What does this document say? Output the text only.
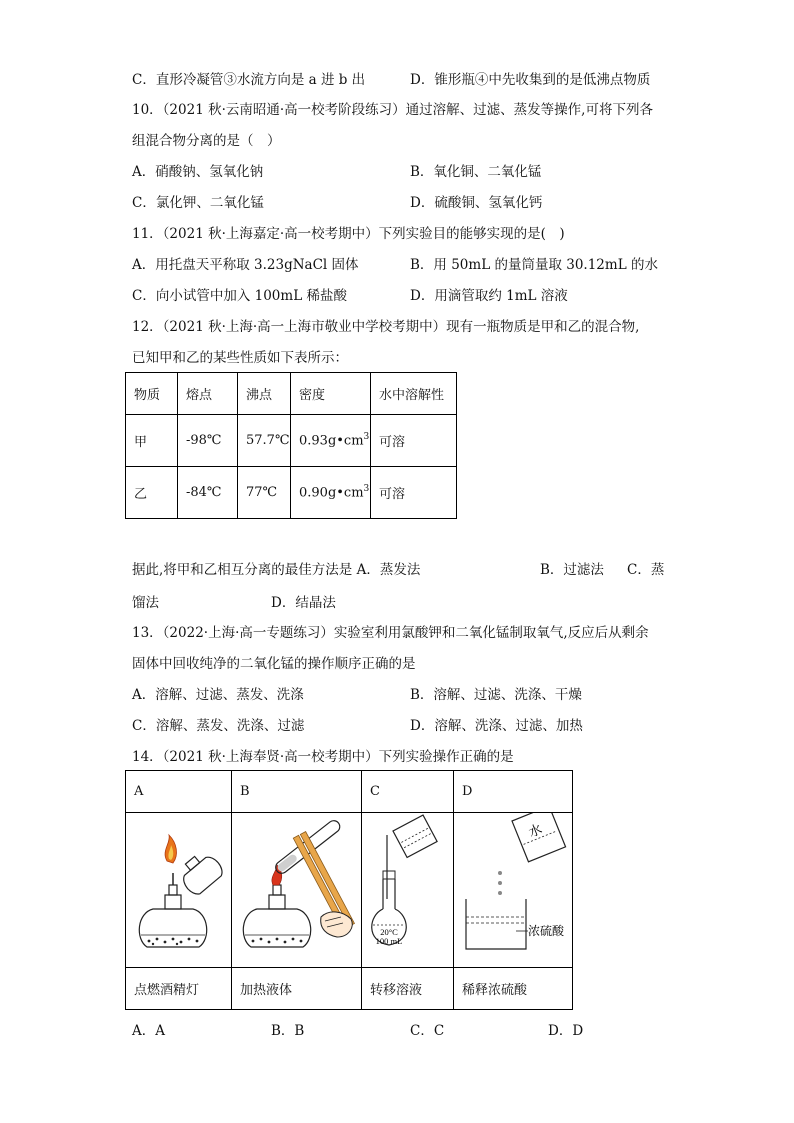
C．直形冷凝管③水流方向是 a 进 b 出	D．锥形瓶④中先收集到的是低沸点物质
10．（2021 秋·云南昭通·高一校考阶段练习）通过溶解、过滤、蒸发等操作,可将下列各
组混合物分离的是（　）
A．硝酸钠、氢氧化钠	B．氧化铜、二氧化锰
C．氯化钾、二氧化锰	D．硫酸铜、氢氧化钙
11．（2021 秋·上海嘉定·高一校考期中）下列实验目的能够实现的是(　)
A．用托盘天平称取 3.23gNaCl 固体	B．用 50mL 的量筒量取 30.12mL 的水
C．向小试管中加入 100mL 稀盐酸	D．用滴管取约 1mL 溶液
12．（2021 秋·上海·高一上海市敬业中学校考期中）现有一瓶物质是甲和乙的混合物,
已知甲和乙的某些性质如下表所示：
物质	熔点	沸点	密度	水中溶解性
甲	-98℃	57.7℃	$0.93g•cm^3$	可溶
乙	-84℃	77℃	$0.90g•cm^3$	可溶
据此,将甲和乙相互分离的最佳方法是 A．蒸发法	B．过滤法 C．蒸
馏法	D．结晶法
13．（2022·上海·高一专题练习）实验室利用氯酸钾和二氧化锰制取氧气,反应后从剩余
固体中回收纯净的二氧化锰的操作顺序正确的是
A．溶解、过滤、蒸发、洗涤	B．溶解、过滤、洗涤、干燥
C．溶解、蒸发、洗涤、过滤	D．溶解、洗涤、过滤、加热
14．（2021 秋·上海奉贤·高一校考期中）下列实验操作正确的是
A	B	C	D

20°C
100 mL	水
浓硫酸

点燃酒精灯	加热液体	转移溶液	稀释浓硫酸
A．A	B．B	C．C	D．D
